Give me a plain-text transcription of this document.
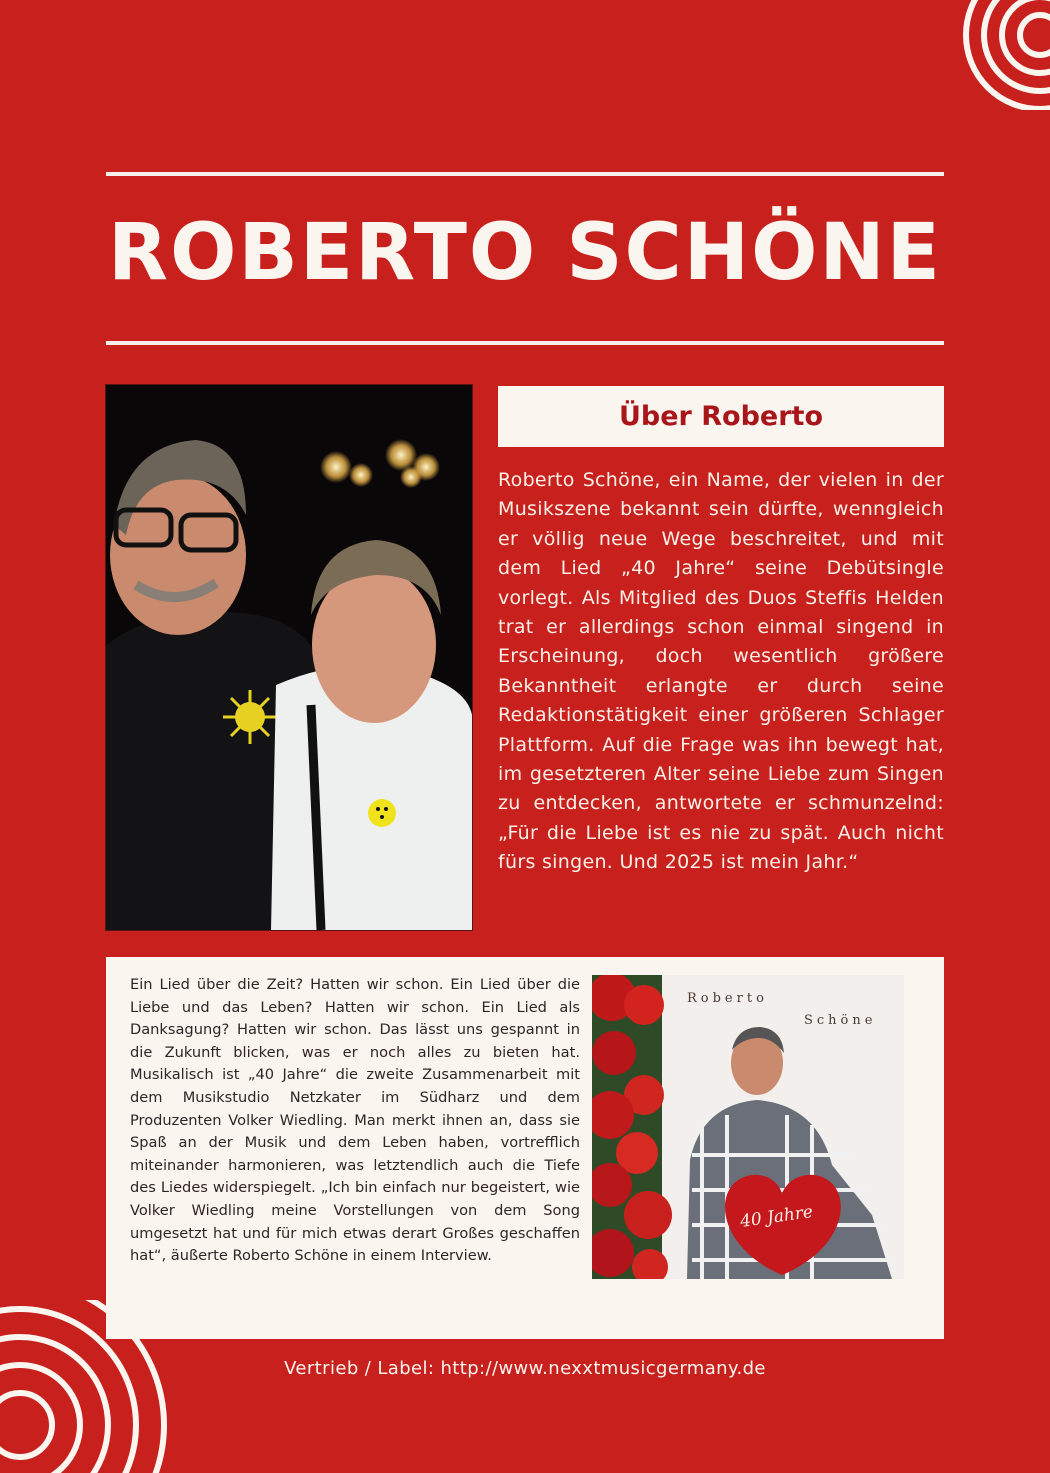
ROBERTO SCHÖNE
Über Roberto

Roberto Schöne, ein Name, der vielen in der Musikszene bekannt sein dürfte, wenngleich er völlig neue Wege beschreitet, und mit dem Lied „40 Jahre“ seine Debütsingle vorlegt. Als Mitglied des Duos Steffis Helden trat er allerdings schon einmal singend in Erscheinung, doch wesentlich größere Bekanntheit erlangte er durch seine Redaktionstätigkeit einer größeren Schlager Plattform. Auf die Frage was ihn bewegt hat, im gesetzteren Alter seine Liebe zum Singen zu entdecken, antwortete er schmunzelnd: „Für die Liebe ist es nie zu spät. Auch nicht fürs singen. Und 2025 ist mein Jahr.“

Ein Lied über die Zeit? Hatten wir schon. Ein Lied über die Liebe und das Leben? Hatten wir schon. Ein Lied als Danksagung? Hatten wir schon. Das lässt uns gespannt in die Zukunft blicken, was er noch alles zu bieten hat. Musikalisch ist „40 Jahre“ die zweite Zusammenarbeit mit dem Musikstudio Netzkater im Südharz und dem Produzenten Volker Wiedling. Man merkt ihnen an, dass sie Spaß an der Musik und dem Leben haben, vortrefflich miteinander harmonieren, was letztendlich auch die Tiefe des Liedes widerspiegelt. „Ich bin einfach nur begeistert, wie Volker Wiedling meine Vorstellungen von dem Song umgesetzt hat und für mich etwas derart Großes geschaffen hat“, äußerte Roberto Schöne in einem Interview.

Roberto
Schöne
40 Jahre
Vertrieb / Label: http://www.nexxtmusicgermany.de
